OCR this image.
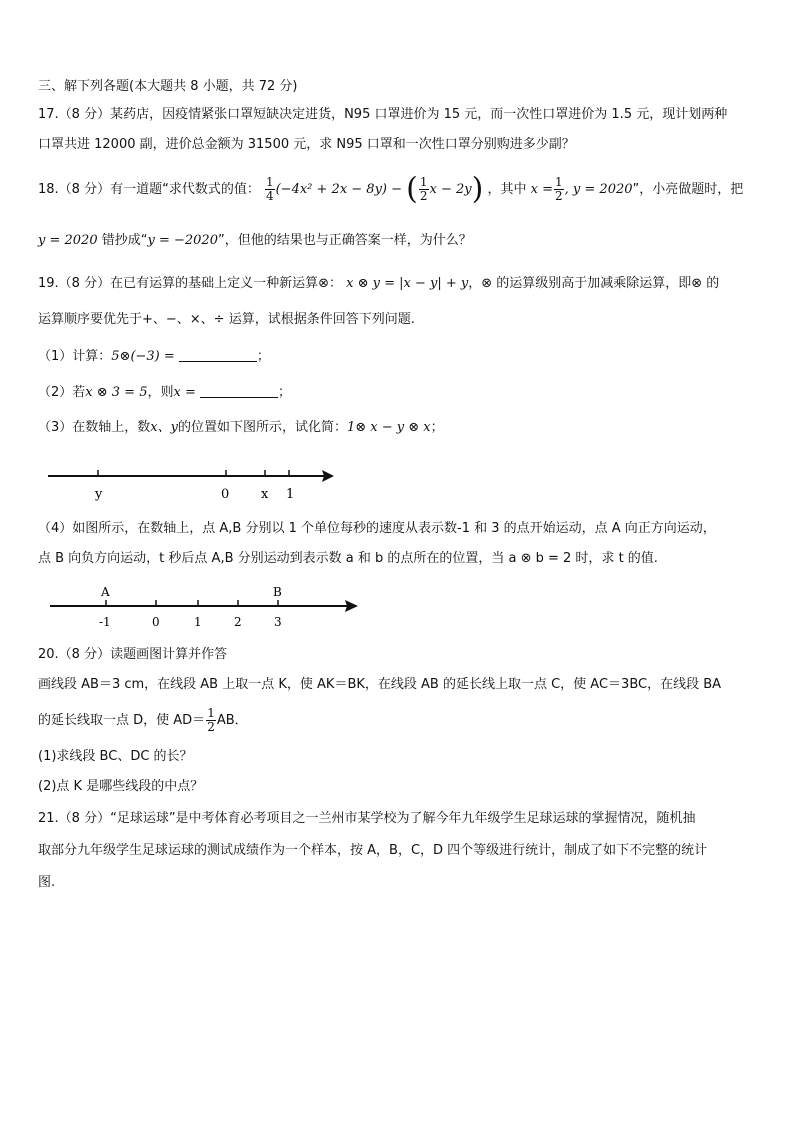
三、解下列各题(本大题共 8 小题，共 72 分)
17.（8 分）某药店，因疫情紧张口罩短缺决定进货，N95 口罩进价为 15 元，而一次性口罩进价为 1.5 元，现计划两种
口罩共进 12000 副，进价总金额为 31500 元，求 N95 口罩和一次性口罩分别购进多少副？
18.（8 分）有一道题“求代数式的值： $\frac{1}{4} (-4x^2 + 2x - 8y)$ − ( $\frac{1}{2}$ x − 2y) ，其中 $x = \frac{1}{2}$ , y = 2020”，小亮做题时，把
y = 2020 错抄成“y = −2020”，但他的结果也与正确答案一样，为什么？
19.（8 分）在已有运算的基础上定义一种新运算⊗： x ⊗ y = |x − y| + y，⊗ 的运算级别高于加减乘除运算，即⊗ 的
运算顺序要优先于+、−、×、÷ 运算，试根据条件回答下列问题.
（1）计算：5⊗(−3) =	；
（2）若x ⊗ 3 = 5，则x =	；
（3）在数轴上，数x、y的位置如下图所示，试化简：1⊗ x − y ⊗ x；
y	0 x 1
（4）如图所示，在数轴上，点 A,B 分别以 1 个单位每秒的速度从表示数-1 和 3 的点开始运动，点 A 向正方向运动，
点 B 向负方向运动，t 秒后点 A,B 分别运动到表示数 a 和 b 的点所在的位置，当 a ⊗ b = 2 时，求 t 的值.
A	B
-1	0	1	2	3
20.（8 分）读题画图计算并作答
画线段 AB＝3 cm，在线段 AB 上取一点 K，使 AK＝BK，在线段 AB 的延长线上取一点 C，使 AC＝3BC，在线段 BA
的延长线取一点 D，使 $AD= \frac{1}{2}$ AB．
(1)求线段 BC、DC 的长？
(2)点 K 是哪些线段的中点？
21.（8 分）“足球运球”是中考体育必考项目之一兰州市某学校为了解今年九年级学生足球运球的掌握情况，随机抽
取部分九年级学生足球运球的测试成绩作为一个样本，按 A，B，C，D 四个等级进行统计，制成了如下不完整的统计
图.
